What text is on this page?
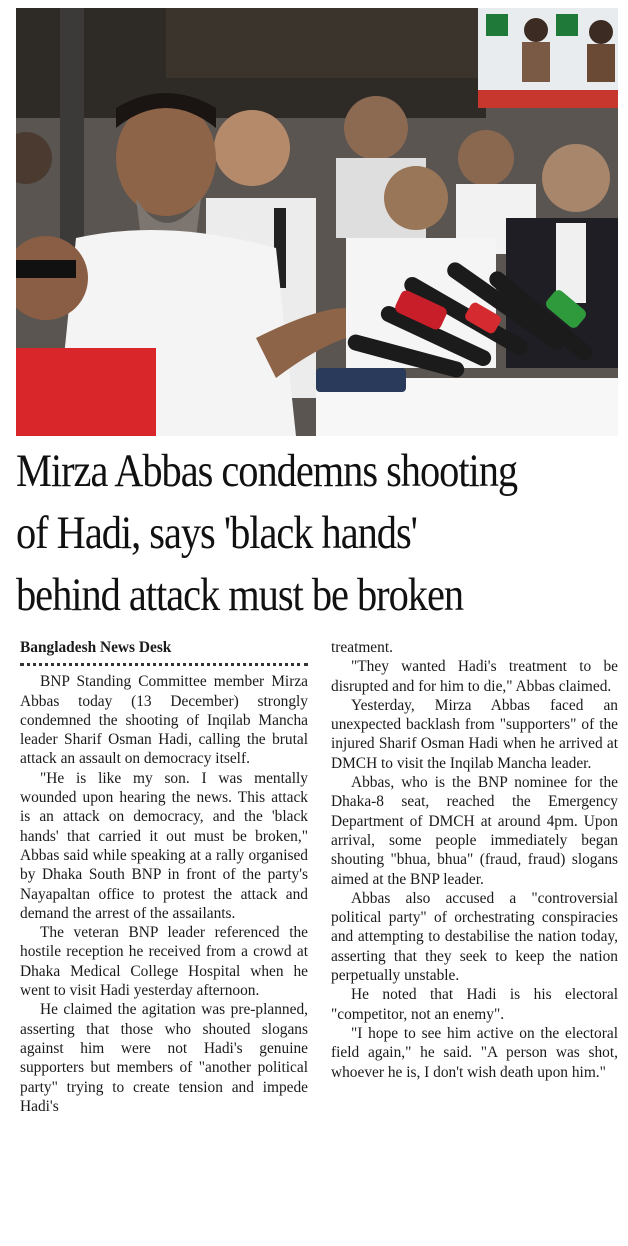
Mirza Abbas condemns shooting
of Hadi, says 'black hands'
behind attack must be broken
Bangladesh News Desk

BNP Standing Committee member Mirza Abbas today (13 December) strongly condemned the shooting of Inqilab Mancha leader Sharif Osman Hadi, calling the brutal attack an assault on democracy itself.

"He is like my son. I was mentally wounded upon hearing the news. This attack is an attack on democracy, and the 'black hands' that carried it out must be broken," Abbas said while speaking at a rally organised by Dhaka South BNP in front of the party's Nayapaltan office to protest the attack and demand the arrest of the assailants.

The veteran BNP leader referenced the hostile reception he received from a crowd at Dhaka Medical College Hospital when he went to visit Hadi yesterday afternoon.

He claimed the agitation was pre-planned, asserting that those who shouted slogans against him were not Hadi's genuine supporters but members of "another political party" trying to create tension and impede Hadi's

treatment.

"They wanted Hadi's treatment to be disrupted and for him to die," Abbas claimed.

Yesterday, Mirza Abbas faced an unexpected backlash from "supporters" of the injured Sharif Osman Hadi when he arrived at DMCH to visit the Inqilab Mancha leader.

Abbas, who is the BNP nominee for the Dhaka-8 seat, reached the Emergency Department of DMCH at around 4pm. Upon arrival, some people immediately began shouting "bhua, bhua" (fraud, fraud) slogans aimed at the BNP leader.

Abbas also accused a "controversial political party" of orchestrating conspiracies and attempting to destabilise the nation today, asserting that they seek to keep the nation perpetually unstable.

He noted that Hadi is his electoral "competitor, not an enemy".

"I hope to see him active on the electoral field again," he said. "A person was shot, whoever he is, I don't wish death upon him."
